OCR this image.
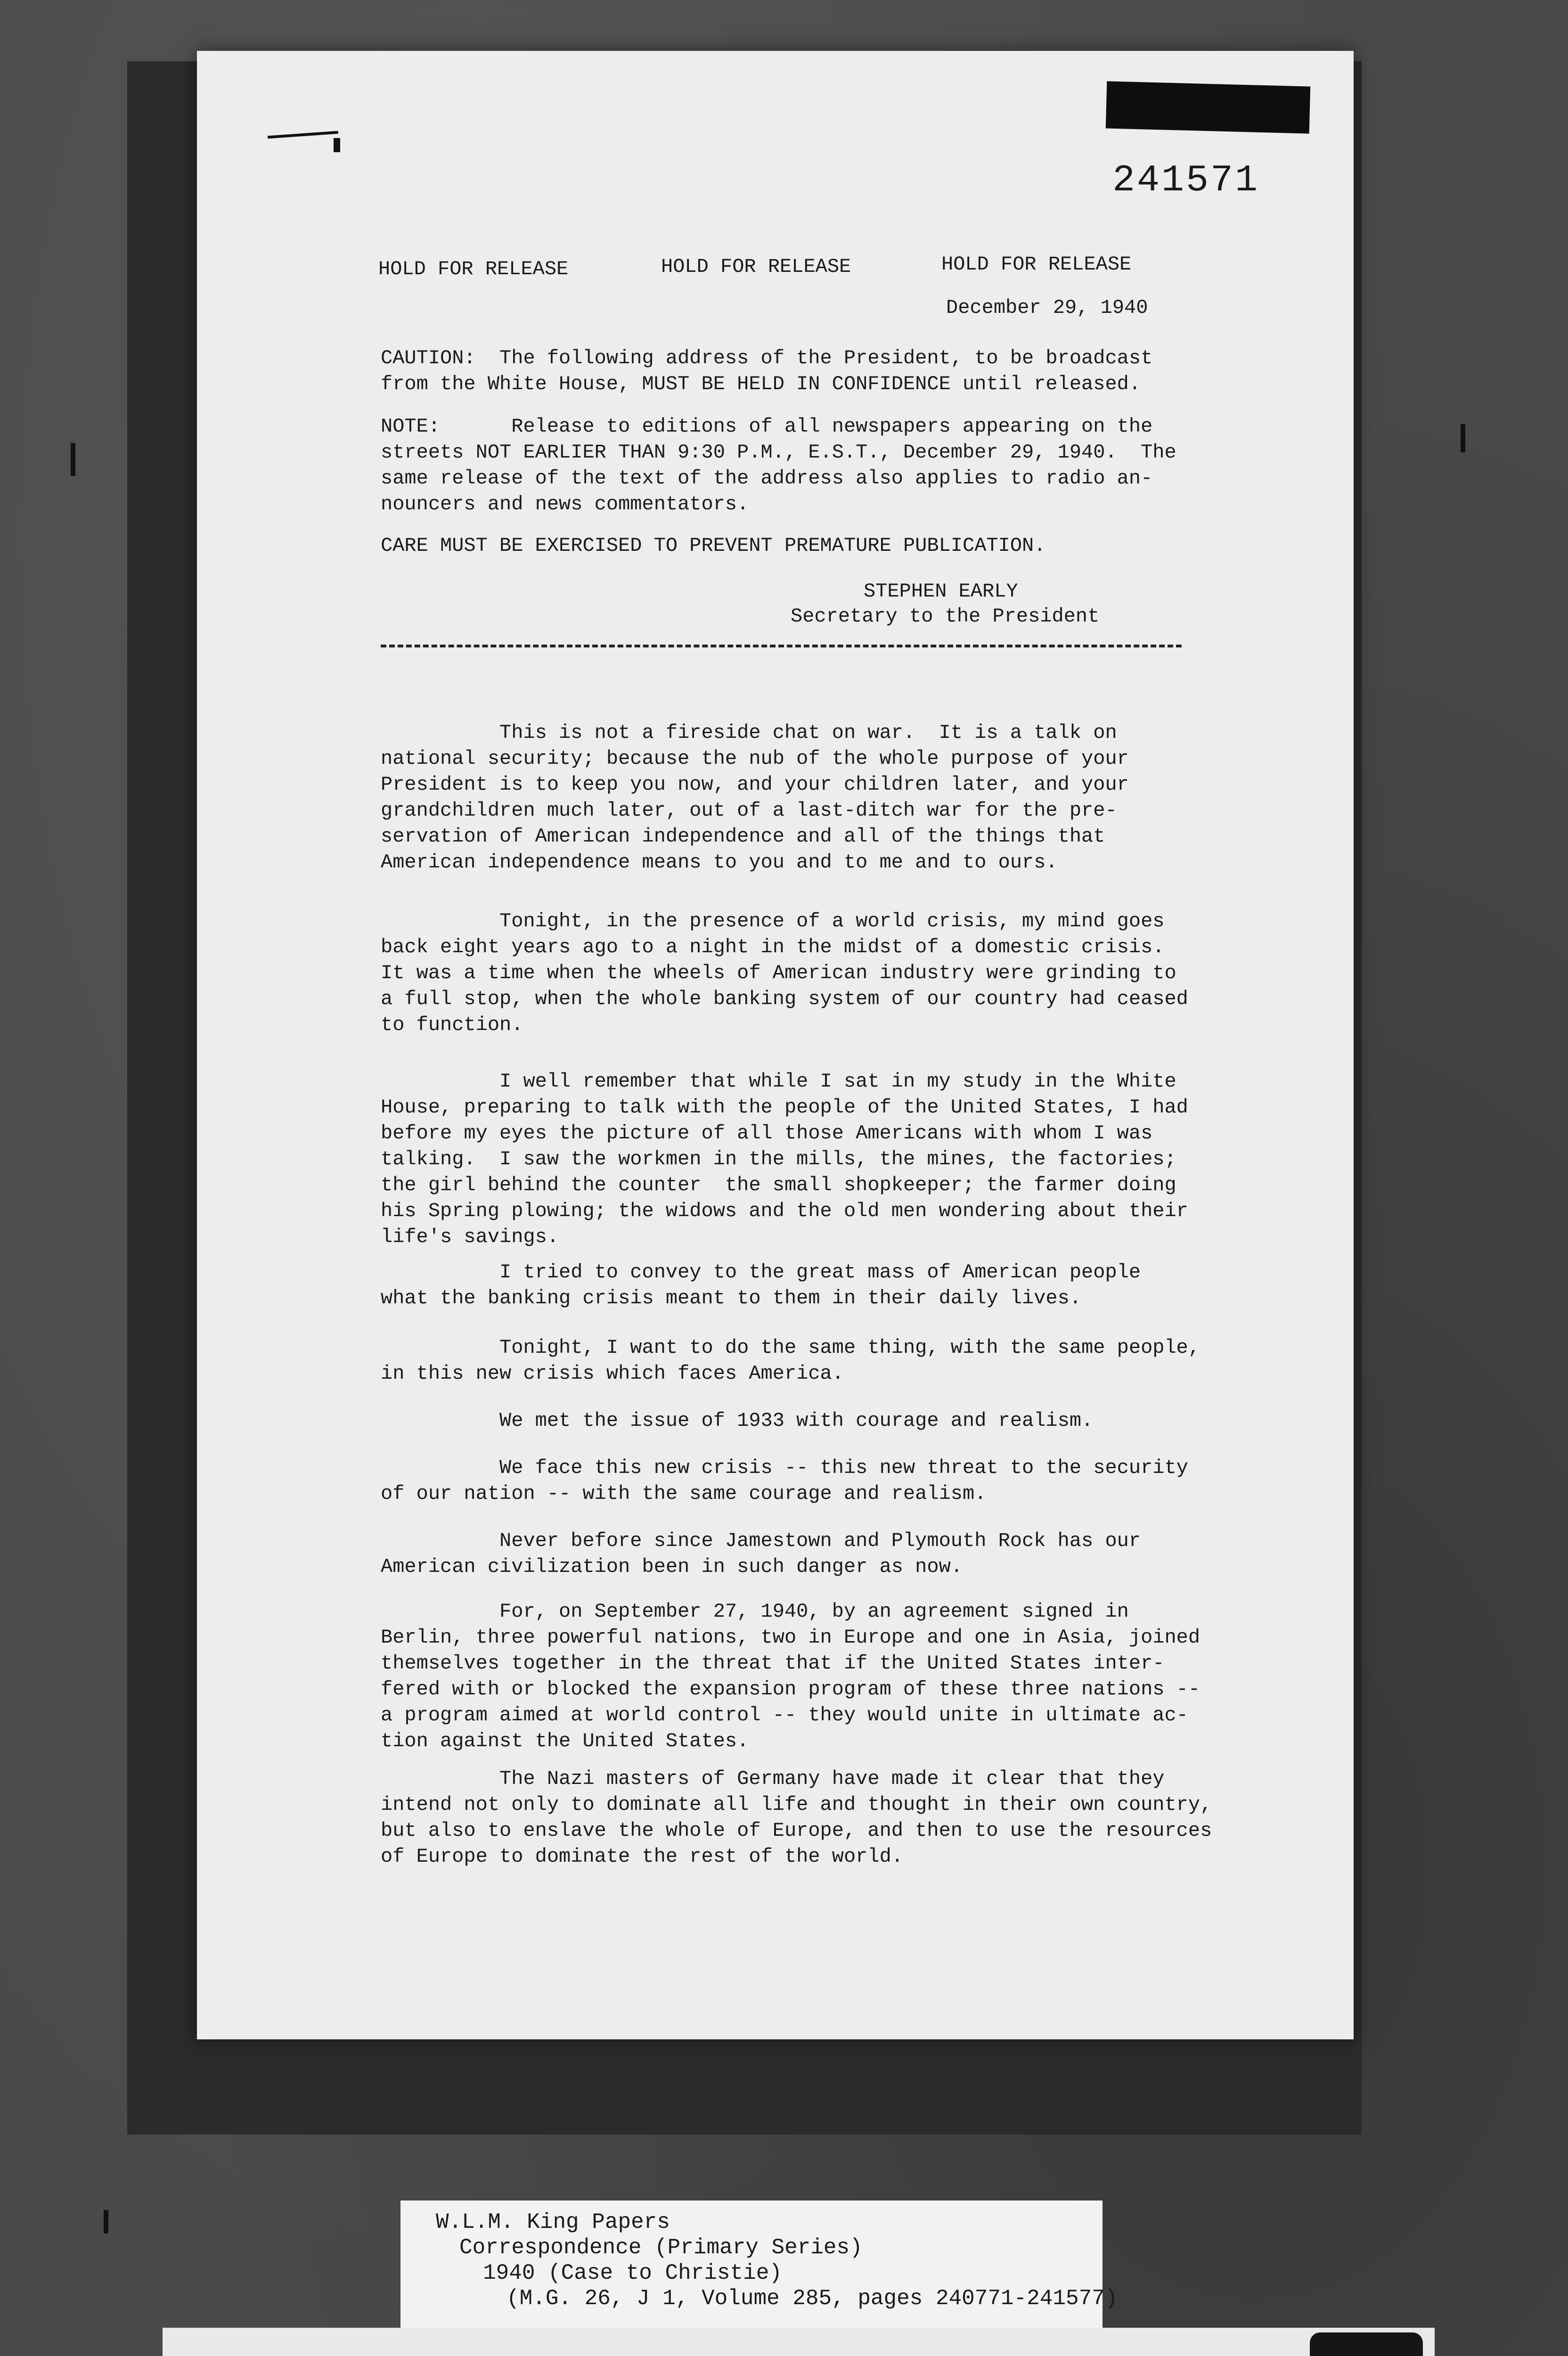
241571
HOLD FOR RELEASE	HOLD FOR RELEASE	HOLD FOR RELEASE
December 29, 1940
CAUTION:  The following address of the President, to be broadcast
from the White House, MUST BE HELD IN CONFIDENCE until released.
NOTE:      Release to editions of all newspapers appearing on the
streets NOT EARLIER THAN 9:30 P.M., E.S.T., December 29, 1940.  The
same release of the text of the address also applies to radio an-
nouncers and news commentators.
CARE MUST BE EXERCISED TO PREVENT PREMATURE PUBLICATION.
STEPHEN EARLY
Secretary to the President
This is not a fireside chat on war.  It is a talk on
national security; because the nub of the whole purpose of your
President is to keep you now, and your children later, and your
grandchildren much later, out of a last-ditch war for the pre-
servation of American independence and all of the things that
American independence means to you and to me and to ours.
Tonight, in the presence of a world crisis, my mind goes
back eight years ago to a night in the midst of a domestic crisis.
It was a time when the wheels of American industry were grinding to
a full stop, when the whole banking system of our country had ceased
to function.
I well remember that while I sat in my study in the White
House, preparing to talk with the people of the United States, I had
before my eyes the picture of all those Americans with whom I was
talking.  I saw the workmen in the mills, the mines, the factories;
the girl behind the counter  the small shopkeeper; the farmer doing
his Spring plowing; the widows and the old men wondering about their
life's savings.
I tried to convey to the great mass of American people
what the banking crisis meant to them in their daily lives.
Tonight, I want to do the same thing, with the same people,
in this new crisis which faces America.
We met the issue of 1933 with courage and realism.
We face this new crisis -- this new threat to the security
of our nation -- with the same courage and realism.
Never before since Jamestown and Plymouth Rock has our
American civilization been in such danger as now.
For, on September 27, 1940, by an agreement signed in
Berlin, three powerful nations, two in Europe and one in Asia, joined
themselves together in the threat that if the United States inter-
fered with or blocked the expansion program of these three nations --
a program aimed at world control -- they would unite in ultimate ac-
tion against the United States.
The Nazi masters of Germany have made it clear that they
intend not only to dominate all life and thought in their own country,
but also to enslave the whole of Europe, and then to use the resources
of Europe to dominate the rest of the world.
W.L.M. King Papers
Correspondence (Primary Series)
1940 (Case to Christie)
(M.G. 26, J 1, Volume 285, pages 240771-241577)
